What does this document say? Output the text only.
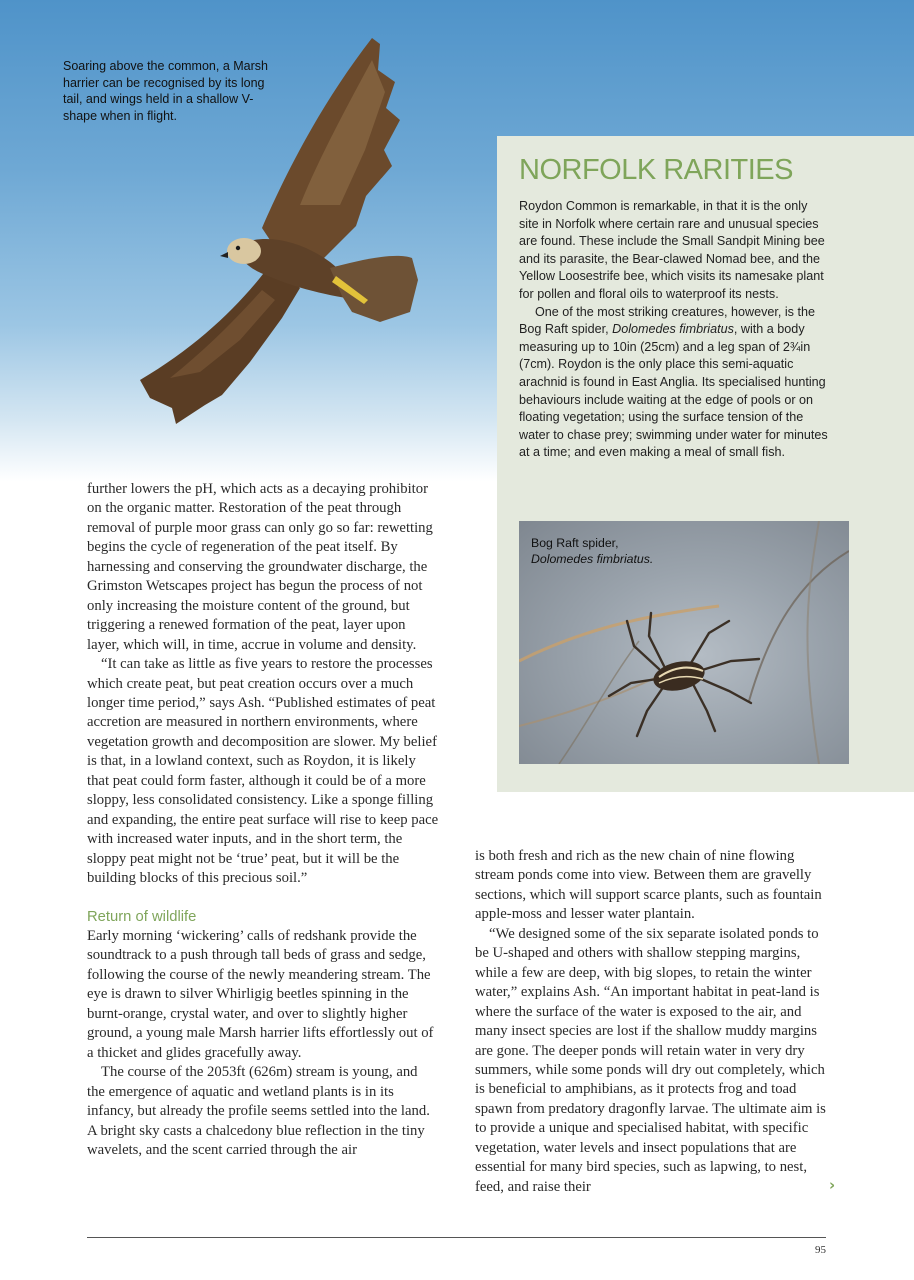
Soaring above the common, a Marsh harrier can be recognised by its long tail, and wings held in a shallow V-shape when in flight.
NORFOLK RARITIES

Roydon Common is remarkable, in that it is the only site in Norfolk where certain rare and unusual species are found. These include the Small Sandpit Mining bee and its parasite, the Bear-clawed Nomad bee, and the Yellow Loosestrife bee, which visits its namesake plant for pollen and floral oils to waterproof its nests.

One of the most striking creatures, however, is the Bog Raft spider, Dolomedes fimbriatus, with a body measuring up to 10in (25cm) and a leg span of 2¾in (7cm). Roydon is the only place this semi-aquatic arachnid is found in East Anglia. Its specialised hunting behaviours include waiting at the edge of pools or on floating vegetation; using the surface tension of the water to chase prey; swimming under water for minutes at a time; and even making a meal of small fish.

Bog Raft spider,
Dolomedes fimbriatus.

further lowers the pH, which acts as a decaying prohibitor on the organic matter. Restoration of the peat through removal of purple moor grass can only go so far: rewetting begins the cycle of regeneration of the peat itself. By harnessing and conserving the groundwater discharge, the Grimston Wetscapes project has begun the process of not only increasing the moisture content of the ground, but triggering a renewed formation of the peat, layer upon layer, which will, in time, accrue in volume and density.

“It can take as little as five years to restore the processes which create peat, but peat creation occurs over a much longer time period,” says Ash. “Published estimates of peat accretion are measured in northern environments, where vegetation growth and decomposition are slower. My belief is that, in a lowland context, such as Roydon, it is likely that peat could form faster, although it could be of a more sloppy, less consolidated consistency. Like a sponge filling and expanding, the entire peat surface will rise to keep pace with increased water inputs, and in the short term, the sloppy peat might not be ‘true’ peat, but it will be the building blocks of this precious soil.”

Return of wildlife

Early morning ‘wickering’ calls of redshank provide the soundtrack to a push through tall beds of grass and sedge, following the course of the newly meandering stream. The eye is drawn to silver Whirligig beetles spinning in the burnt-orange, crystal water, and over to slightly higher ground, a young male Marsh harrier lifts effortlessly out of a thicket and glides gracefully away.

The course of the 2053ft (626m) stream is young, and the emergence of aquatic and wetland plants is in its infancy, but already the profile seems settled into the land. A bright sky casts a chalcedony blue reflection in the tiny wavelets, and the scent carried through the air

is both fresh and rich as the new chain of nine flowing stream ponds come into view. Between them are gravelly sections, which will support scarce plants, such as fountain apple-moss and lesser water plantain.

“We designed some of the six separate isolated ponds to be U-shaped and others with shallow stepping margins, while a few are deep, with big slopes, to retain the winter water,” explains Ash. “An important habitat in peat-land is where the surface of the water is exposed to the air, and many insect species are lost if the shallow muddy margins are gone. The deeper ponds will retain water in very dry summers, while some ponds will dry out completely, which is beneficial to amphibians, as it protects frog and toad spawn from predatory dragonfly larvae. The ultimate aim is to provide a unique and specialised habitat, with specific vegetation, water levels and insect populations that are essential for many bird species, such as lapwing, to nest, feed, and raise their	›
95
